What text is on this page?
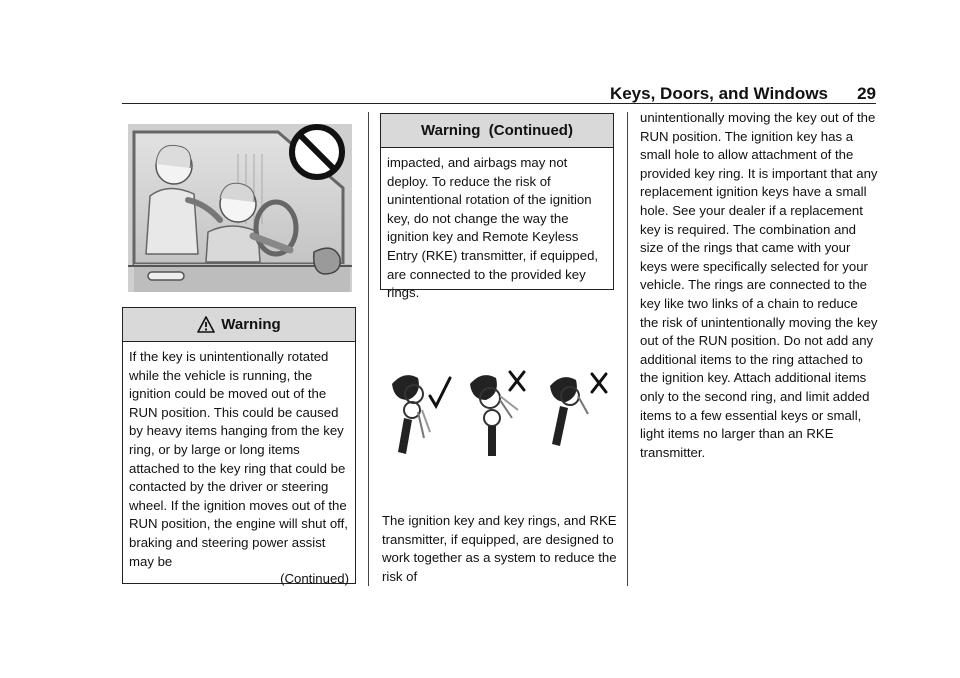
Keys, Doors, and Windows	29
Warning
If the key is unintentionally rotated while the vehicle is running, the ignition could be moved out of the RUN position. This could be caused by heavy items hanging from the key ring, or by large or long items attached to the key ring that could be contacted by the driver or steering wheel. If the ignition moves out of the RUN position, the engine will shut off, braking and steering power assist may be
(Continued)
Warning  (Continued)
impacted, and airbags may not deploy. To reduce the risk of unintentional rotation of the ignition key, do not change the way the ignition key and Remote Keyless Entry (RKE) transmitter, if equipped, are connected to the provided key rings.
The ignition key and key rings, and RKE transmitter, if equipped, are designed to work together as a system to reduce the risk of
unintentionally moving the key out of the RUN position. The ignition key has a small hole to allow attachment of the provided key ring. It is important that any replacement ignition keys have a small hole. See your dealer if a replacement key is required. The combination and size of the rings that came with your keys were specifically selected for your vehicle. The rings are connected to the key like two links of a chain to reduce the risk of unintentionally moving the key out of the RUN position. Do not add any additional items to the ring attached to the ignition key. Attach additional items only to the second ring, and limit added items to a few essential keys or small, light items no larger than an RKE transmitter.
